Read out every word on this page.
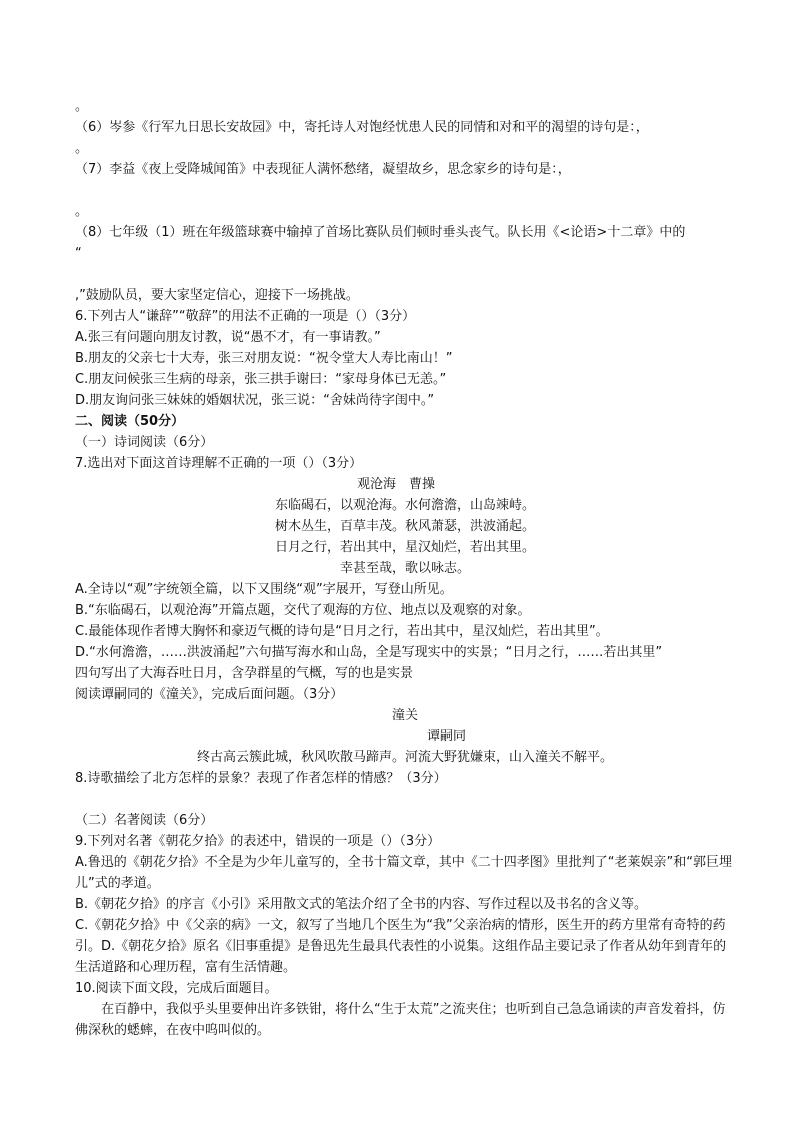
。

（6）岑参《行军九日思长安故园》中，寄托诗人对饱经忧患人民的同情和对和平的渴望的诗句是：，

。

（7）李益《夜上受降城闻笛》中表现征人满怀愁绪，凝望故乡，思念家乡的诗句是：，

。

（8）七年级（1）班在年级篮球赛中输掉了首场比赛队员们顿时垂头丧气。队长用《<论语>十二章》中的

“

,”鼓励队员，要大家坚定信心，迎接下一场挑战。

6.下列古人“谦辞”“敬辞”的用法不正确的一项是（）（3分）

A.张三有问题向朋友讨教，说“愚不才，有一事请教。”

B.朋友的父亲七十大寿，张三对朋友说：“祝令堂大人寿比南山！”

C.朋友问候张三生病的母亲，张三拱手谢曰：“家母身体已无恙。”

D.朋友询问张三妹妹的婚姻状况，张三说：“舍妹尚待字闺中。”

二、阅读（50分）

（一）诗词阅读（6分）

7.选出对下面这首诗理解不正确的一项（）（3分）

观沧海　曹操

东临碣石，以观沧海。水何澹澹，山岛竦峙。

树木丛生，百草丰茂。秋风萧瑟，洪波涌起。

日月之行，若出其中，星汉灿烂，若出其里。

幸甚至哉，歌以咏志。

A.全诗以“观”字统领全篇，以下又围绕“观”字展开，写登山所见。

B.“东临碣石，以观沧海”开篇点题，交代了观海的方位、地点以及观察的对象。

C.最能体现作者博大胸怀和豪迈气概的诗句是“日月之行，若出其中，星汉灿烂，若出其里”。

D.“水何澹澹，……洪波涌起”六句描写海水和山岛，全是写现实中的实景；“日月之行，……若出其里”

四句写出了大海吞吐日月，含孕群星的气概，写的也是实景

阅读谭嗣同的《潼关》，完成后面问题。（3分）

潼关

谭嗣同

终古高云簇此城，秋风吹散马蹄声。河流大野犹嫌束，山入潼关不解平。

8.诗歌描绘了北方怎样的景象？表现了作者怎样的情感？（3分）

（二）名著阅读（6分）

9.下列对名著《朝花夕拾》的表述中，错误的一项是（）（3分）

A.鲁迅的《朝花夕拾》不全是为少年儿童写的，全书十篇文章，其中《二十四孝图》里批判了“老莱娱亲”和“郭巨埋儿”式的孝道。

B.《朝花夕拾》的序言《小引》采用散文式的笔法介绍了全书的内容、写作过程以及书名的含义等。

C.《朝花夕拾》中《父亲的病》一文，叙写了当地几个医生为“我”父亲治病的情形，医生开的药方里常有奇特的药引。D.《朝花夕拾》原名《旧事重提》是鲁迅先生最具代表性的小说集。这组作品主要记录了作者从幼年到青年的生活道路和心理历程，富有生活情趣。

10.阅读下面文段，完成后面题目。

在百静中，我似乎头里要伸出许多铁钳，将什么“生于太荒”之流夹住；也听到自己急急诵读的声音发着抖，仿佛深秋的蟋蟀，在夜中呜叫似的。
